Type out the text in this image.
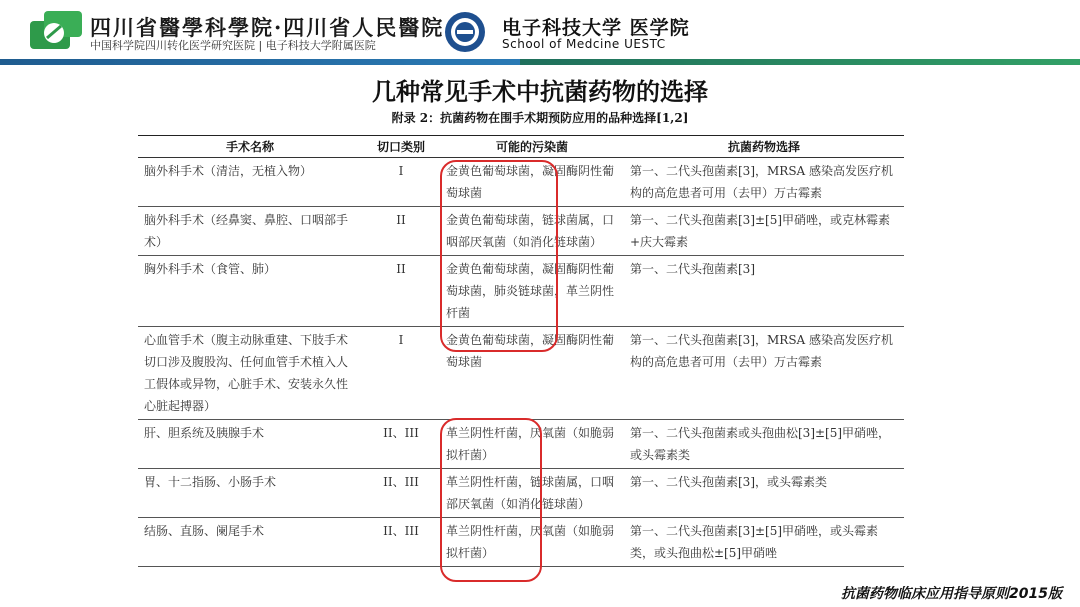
四川省醫學科學院·四川省人民醫院
中国科学院四川转化医学研究医院 | 电子科技大学附属医院
电子科技大学 医学院
School of Medcine UESTC
几种常见手术中抗菌药物的选择
附录 2：抗菌药物在围手术期预防应用的品种选择[1,2]
手术名称	切口类别	可能的污染菌	抗菌药物选择
脑外科手术（清洁，无植入物）	I	金黄色葡萄球菌，凝固酶阴性葡萄球菌	第一、二代头孢菌素[3]，MRSA 感染高发医疗机构的高危患者可用（去甲）万古霉素
脑外科手术（经鼻窦、鼻腔、口咽部手术）	II	金黄色葡萄球菌，链球菌属，口咽部厌氧菌（如消化链球菌）	第一、二代头孢菌素[3]±[5]甲硝唑，或克林霉素+庆大霉素
胸外科手术（食管、肺）	II	金黄色葡萄球菌，凝固酶阴性葡萄球菌，肺炎链球菌，革兰阴性杆菌	第一、二代头孢菌素[3]
心血管手术（腹主动脉重建、下肢手术切口涉及腹股沟、任何血管手术植入人工假体或异物，心脏手术、安装永久性心脏起搏器）	I	金黄色葡萄球菌，凝固酶阴性葡萄球菌	第一、二代头孢菌素[3]，MRSA 感染高发医疗机构的高危患者可用（去甲）万古霉素
肝、胆系统及胰腺手术	II、III	革兰阴性杆菌，厌氧菌（如脆弱拟杆菌）	第一、二代头孢菌素或头孢曲松[3]±[5]甲硝唑，或头霉素类
胃、十二指肠、小肠手术	II、III	革兰阴性杆菌，链球菌属，口咽部厌氧菌（如消化链球菌）	第一、二代头孢菌素[3]，或头霉素类
结肠、直肠、阑尾手术	II、III	革兰阴性杆菌，厌氧菌（如脆弱拟杆菌）	第一、二代头孢菌素[3]±[5]甲硝唑，或头霉素类，或头孢曲松±[5]甲硝唑
抗菌药物临床应用指导原则2015版
